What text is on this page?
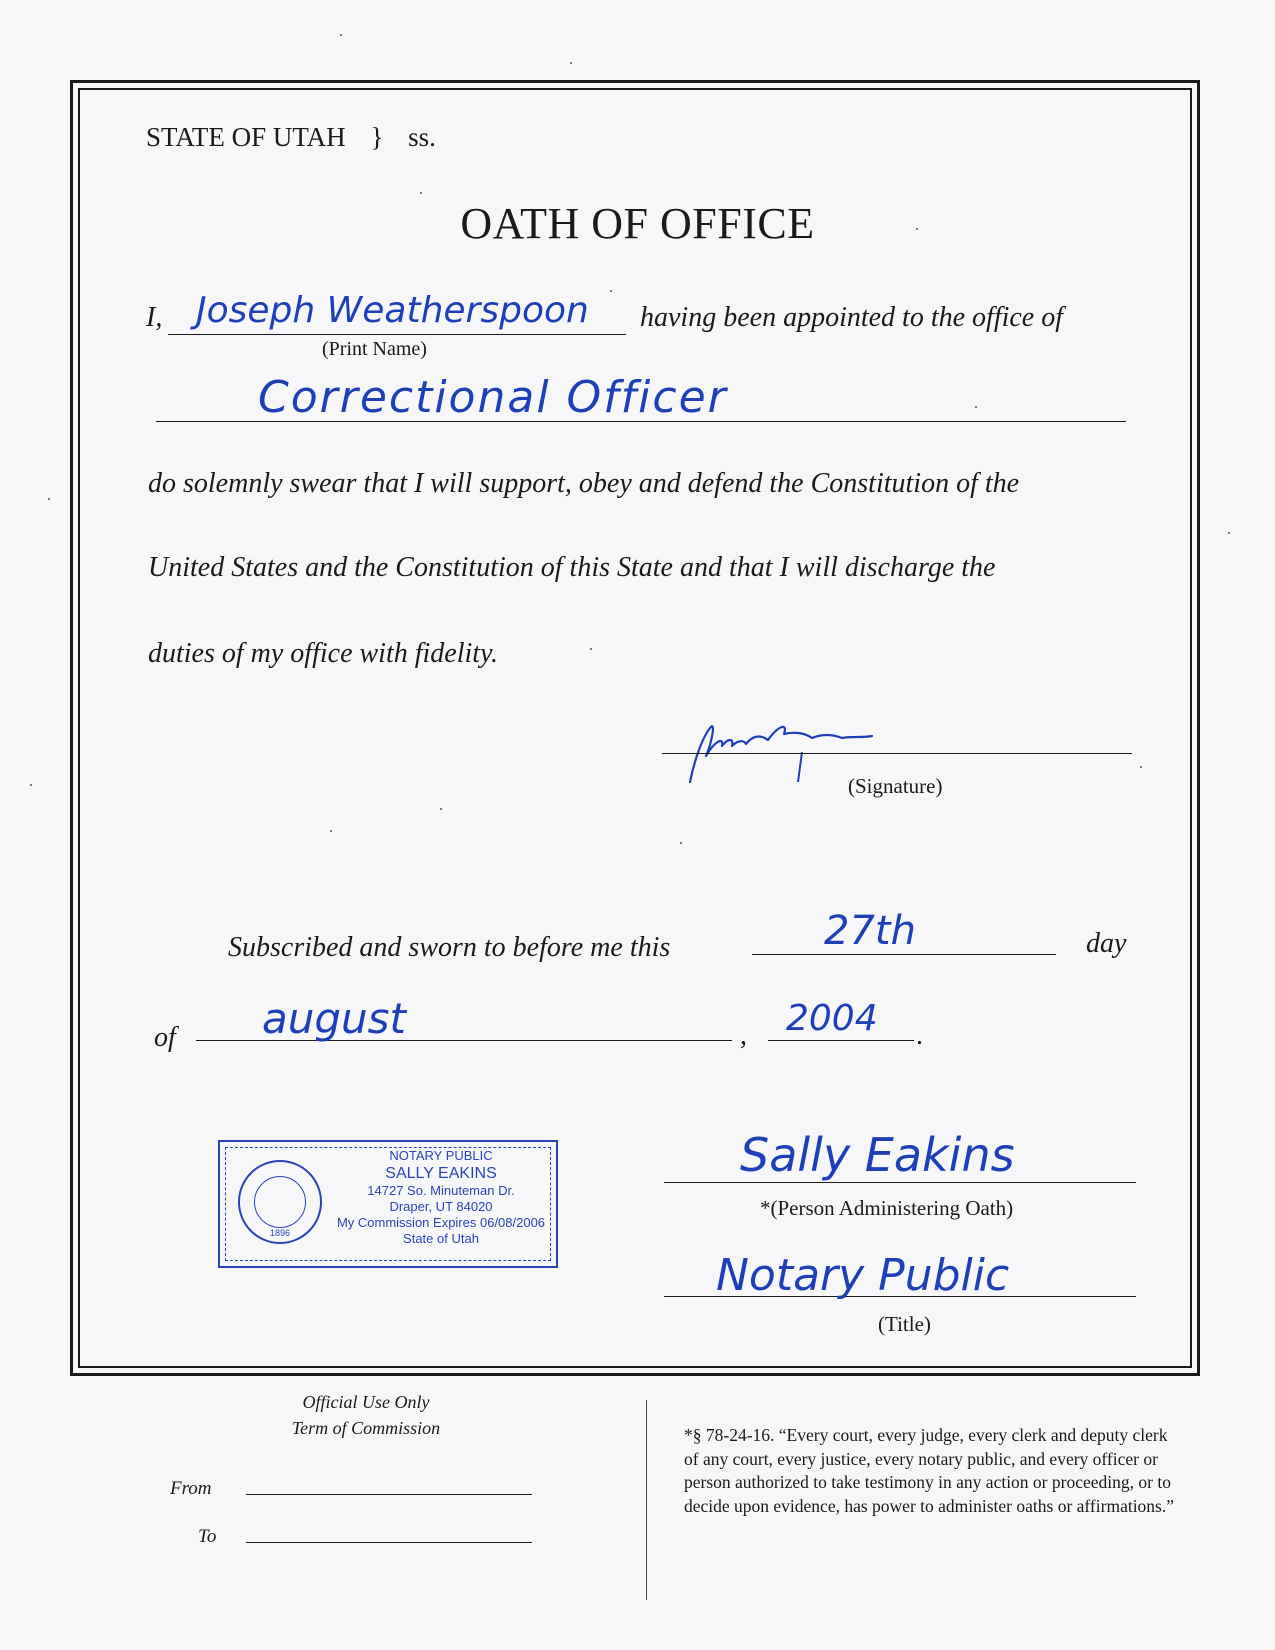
STATE OF UTAH } ss.
OATH OF OFFICE
I, Joseph Weatherspoon
(Print Name)
having been appointed to the office of
Correctional Officer
do solemnly swear that I will support, obey and defend the Constitution of the
United States and the Constitution of this State and that I will discharge the
duties of my office with fidelity.
(Signature)
Subscribed and sworn to before me this	27th	day
of august	, 2004 .
1896
NOTARY PUBLIC
SALLY EAKINS
14727 So. Minuteman Dr.
Draper, UT 84020
My Commission Expires 06/08/2006
State of Utah
Sally Eakins
*(Person Administering Oath)
Notary Public
(Title)
Official Use Only
Term of Commission
From
To
*§ 78-24-16. “Every court, every judge, every clerk and deputy clerk of any court, every justice, every notary public, and every officer or person authorized to take testimony in any action or proceeding, or to decide upon evidence, has power to administer oaths or affirmations.”
